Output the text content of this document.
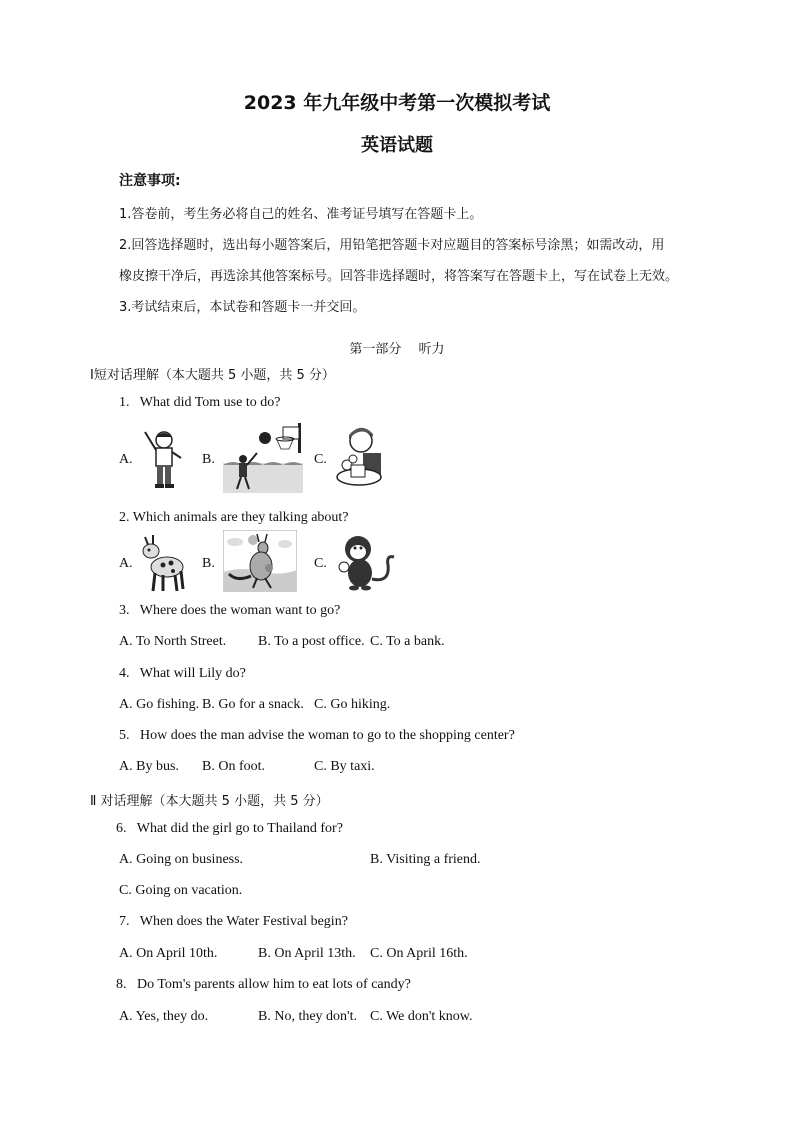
2023 年九年级中考第一次模拟考试
英语试题
注意事项:
1.答卷前，考生务必将自己的姓名、准考证号填写在答题卡上。
2.回答选择题时，选出每小题答案后，用铅笔把答题卡对应题目的答案标号涂黑；如需改动，用
橡皮擦干净后，再选涂其他答案标号。回答非选择题时，将答案写在答题卡上，写在试卷上无效。
3.考试结束后，本试卷和答题卡一并交回。
第一部分　 听力
Ⅰ短对话理解（本大题共 5 小题，共 5 分）
1. What did Tom use to do?
A.	B.	C.
2. Which animals are they talking about?
A.	B.	C.
3. Where does the woman want to go?
A. To North Street. B. To a post office. C. To a bank.
4. What will Lily do?
A. Go fishing. B. Go for a snack. C. Go hiking.
5. How does the man advise the woman to go to the shopping center?
A. By bus. B. On foot.	C. By taxi.
Ⅱ 对话理解（本大题共 5 小题，共 5 分）
6. What did the girl go to Thailand for?
A. Going on business.	B. Visiting a friend.
C. Going on vacation.
7. When does the Water Festival begin?
A. On April 10th.	B. On April 13th. C. On April 16th.
8. Do Tom's parents allow him to eat lots of candy?
A. Yes, they do.	B. No, they don't. C. We don't know.
